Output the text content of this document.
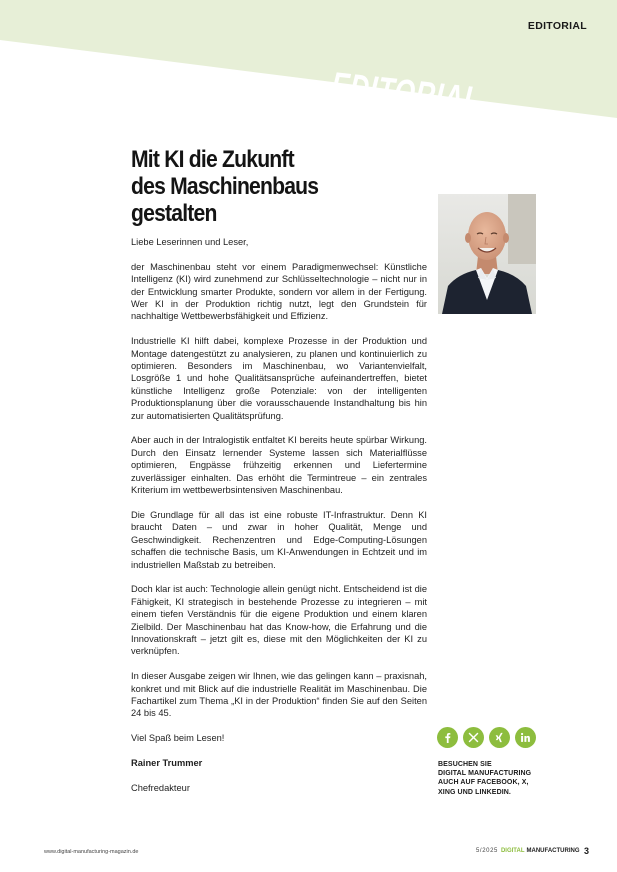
EDITORIAL
EDITORIAL
Mit KI die Zukunft
des Maschinenbaus gestalten

Liebe Leserinnen und Leser,

der Maschinenbau steht vor einem Paradigmenwechsel: Künstliche Intelligenz (KI) wird zunehmend zur Schlüsseltechnologie – nicht nur in der Entwicklung smarter Produkte, sondern vor allem in der Fertigung. Wer KI in der Produktion richtig nutzt, legt den Grundstein für nachhaltige Wettbewerbsfähigkeit und Effizienz.

Industrielle KI hilft dabei, komplexe Prozesse in der Produktion und Montage datengestützt zu analysieren, zu planen und kontinuierlich zu optimieren. Besonders im Maschinenbau, wo Variantenvielfalt, Losgröße 1 und hohe Qualitätsansprüche aufeinandertreffen, bietet künstliche Intelligenz große Potenziale: von der intelligenten Produktionsplanung über die vorausschauende Instandhaltung bis hin zur automatisierten Qualitätsprüfung.

Aber auch in der Intralogistik entfaltet KI bereits heute spürbar Wirkung. Durch den Einsatz lernender Systeme lassen sich Materialflüsse optimieren, Engpässe frühzeitig erkennen und Liefertermine zuverlässiger einhalten. Das erhöht die Termintreue – ein zentrales Kriterium im wettbewerbsintensiven Maschinenbau.

Die Grundlage für all das ist eine robuste IT-Infrastruktur. Denn KI braucht Daten – und zwar in hoher Qualität, Menge und Geschwindigkeit. Rechenzentren und Edge-Computing-Lösungen schaffen die technische Basis, um KI-Anwendungen in Echtzeit und im industriellen Maßstab zu betreiben.

Doch klar ist auch: Technologie allein genügt nicht. Entscheidend ist die Fähigkeit, KI strategisch in bestehende Prozesse zu integrieren – mit einem tiefen Verständnis für die eigene Produktion und einem klaren Zielbild. Der Maschinenbau hat das Know-how, die Erfahrung und die Innovationskraft – jetzt gilt es, diese mit den Möglichkeiten der KI zu verknüpfen.

In dieser Ausgabe zeigen wir Ihnen, wie das gelingen kann – praxisnah, konkret und mit Blick auf die industrielle Realität im Maschinenbau. Die Fachartikel zum Thema „KI in der Produktion“ finden Sie auf den Seiten 24 bis 45.

Viel Spaß beim Lesen!

Rainer Trummer

Chefredakteur

BESUCHEN SIE
DIGITAL MANUFACTURING
AUCH AUF FACEBOOK, X,
XING UND LINKEDIN.
www.digital-manufacturing-magazin.de	5/2025 DIGITAL MANUFACTURING 3
